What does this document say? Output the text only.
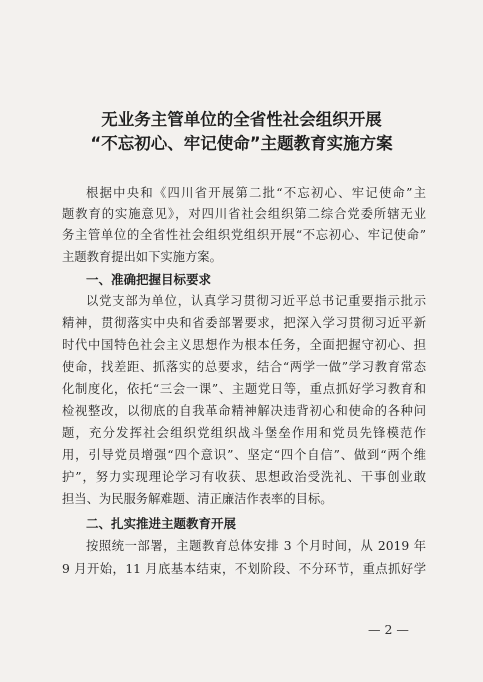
无业务主管单位的全省性社会组织开展
“不忘初心、牢记使命”主题教育实施方案
根据中央和《四川省开展第二批“不忘初心、牢记使命”主
题教育的实施意见》，对四川省社会组织第二综合党委所辖无业
务主管单位的全省性社会组织党组织开展“不忘初心、牢记使命”
主题教育提出如下实施方案。
一、准确把握目标要求
以党支部为单位，认真学习贯彻习近平总书记重要指示批示
精神，贯彻落实中央和省委部署要求，把深入学习贯彻习近平新
时代中国特色社会主义思想作为根本任务，全面把握守初心、担
使命，找差距、抓落实的总要求，结合“两学一做”学习教育常态
化制度化，依托“三会一课”、主题党日等，重点抓好学习教育和
检视整改，以彻底的自我革命精神解决违背初心和使命的各种问
题，充分发挥社会组织党组织战斗堡垒作用和党员先锋模范作
用，引导党员增强“四个意识”、坚定“四个自信”、做到“两个维
护”，努力实现理论学习有收获、思想政治受洗礼、干事创业敢
担当、为民服务解难题、清正廉洁作表率的目标。
二、扎实推进主题教育开展
按照统一部署，主题教育总体安排 3 个月时间，从 2019 年
9 月开始，11 月底基本结束，不划阶段、不分环节，重点抓好学
— 2 —
